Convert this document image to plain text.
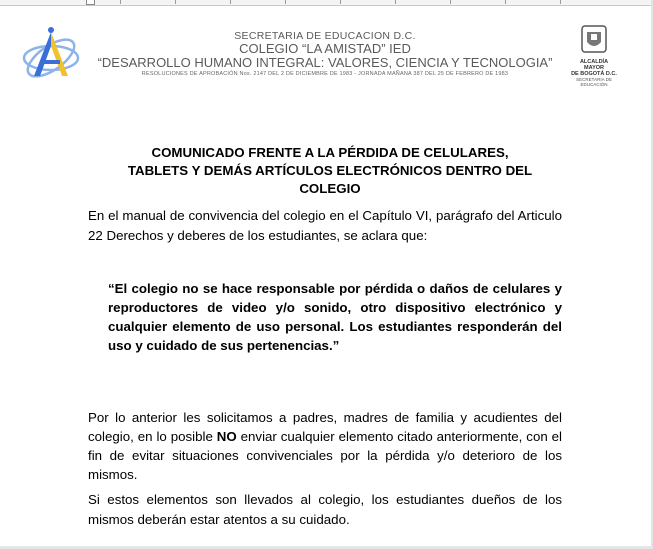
SECRETARIA DE EDUCACION D.C.
COLEGIO “LA AMISTAD” IED
“DESARROLLO HUMANO INTEGRAL: VALORES, CIENCIA Y TECNOLOGIA”
RESOLUCIONES DE APROBACIÓN Nos. 2147 DEL 2 DE DICIEMBRE DE 1983 - JORNADA MAÑANA 387 DEL 25 DE FEBRERO DE 1983
ALCALDÍA MAYOR
DE BOGOTÁ D.C.
SECRETARIA DE EDUCACIÓN
COMUNICADO FRENTE A LA PÉRDIDA DE CELULARES,
TABLETS Y DEMÁS ARTÍCULOS ELECTRÓNICOS DENTRO DEL
COLEGIO
En el manual de convivencia del colegio en el Capítulo VI, parágrafo del Articulo 22 Derechos y deberes de los estudiantes, se aclara que:
“El colegio no se hace responsable por pérdida o daños de celulares y reproductores de video y/o sonido, otro dispositivo electrónico y cualquier elemento de uso personal. Los estudiantes responderán del uso y cuidado de sus pertenencias.”
Por lo anterior les solicitamos a padres, madres de familia y acudientes del colegio, en lo posible NO enviar cualquier elemento citado anteriormente, con el fin de evitar situaciones convivenciales por la pérdida y/o deterioro de los mismos.
Si estos elementos son llevados al colegio, los estudiantes dueños de los mismos deberán estar atentos a su cuidado.
